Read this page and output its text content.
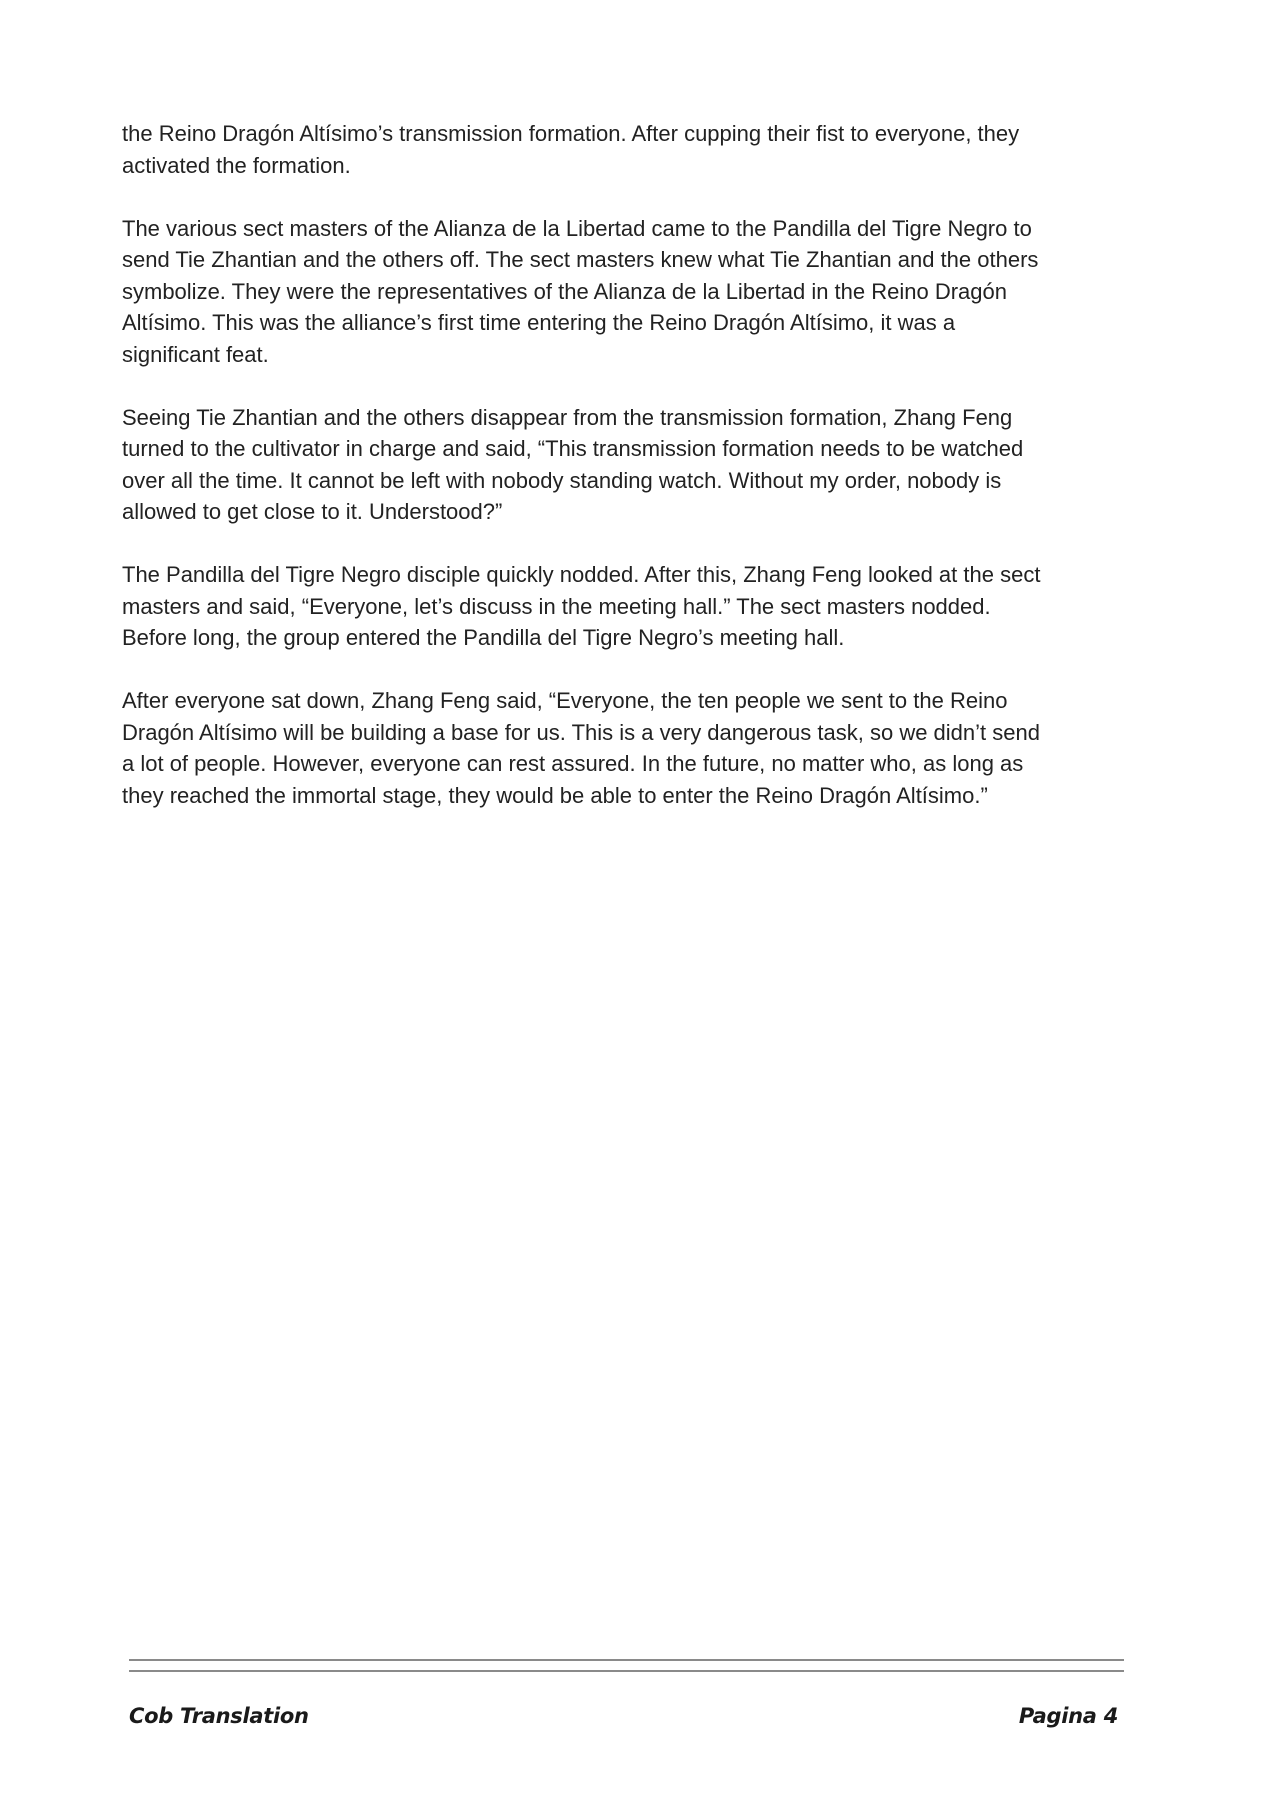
the Reino Dragón Altísimo’s transmission formation. After cupping their fist to everyone, they
activated the formation.

The various sect masters of the Alianza de la Libertad came to the Pandilla del Tigre Negro to
send Tie Zhantian and the others off. The sect masters knew what Tie Zhantian and the others
symbolize. They were the representatives of the Alianza de la Libertad in the Reino Dragón
Altísimo. This was the alliance’s first time entering the Reino Dragón Altísimo, it was a
significant feat.

Seeing Tie Zhantian and the others disappear from the transmission formation, Zhang Feng
turned to the cultivator in charge and said, “This transmission formation needs to be watched
over all the time. It cannot be left with nobody standing watch. Without my order, nobody is
allowed to get close to it. Understood?”

The Pandilla del Tigre Negro disciple quickly nodded. After this, Zhang Feng looked at the sect
masters and said, “Everyone, let’s discuss in the meeting hall.” The sect masters nodded.
Before long, the group entered the Pandilla del Tigre Negro’s meeting hall.

After everyone sat down, Zhang Feng said, “Everyone, the ten people we sent to the Reino
Dragón Altísimo will be building a base for us. This is a very dangerous task, so we didn’t send
a lot of people. However, everyone can rest assured. In the future, no matter who, as long as
they reached the immortal stage, they would be able to enter the Reino Dragón Altísimo.”

Cob Translation	Pagina 4
